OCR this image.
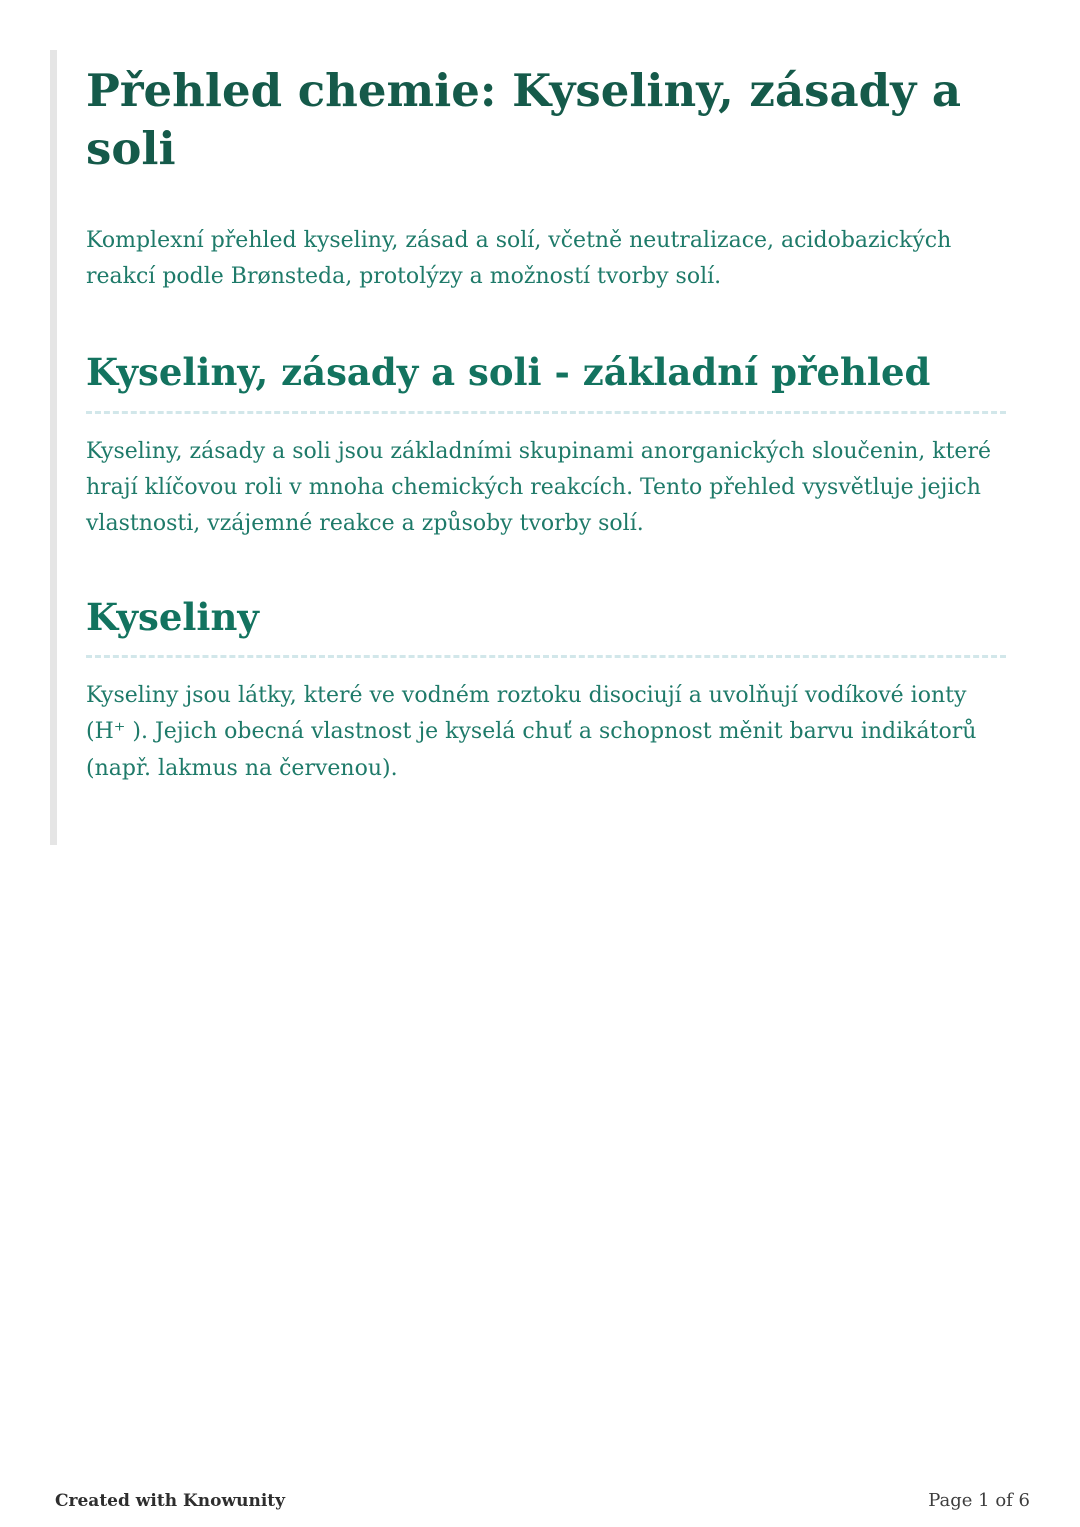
Přehled chemie: Kyseliny, zásady a soli

Komplexní přehled kyseliny, zásad a solí, včetně neutralizace, acidobazických reakcí podle Brønsteda, protolýzy a možností tvorby solí.

Kyseliny, zásady a soli - základní přehled

Kyseliny, zásady a soli jsou základními skupinami anorganických sloučenin, které hrají klíčovou roli v mnoha chemických reakcích. Tento přehled vysvětluje jejich vlastnosti, vzájemné reakce a způsoby tvorby solí.

Kyseliny

Kyseliny jsou látky, které ve vodném roztoku disociují a uvolňují vodíkové ionty (H⁺ ). Jejich obecná vlastnost je kyselá chuť a schopnost měnit barvu indikátorů (např. lakmus na červenou).

Created with Knowunity	Page 1 of 6
